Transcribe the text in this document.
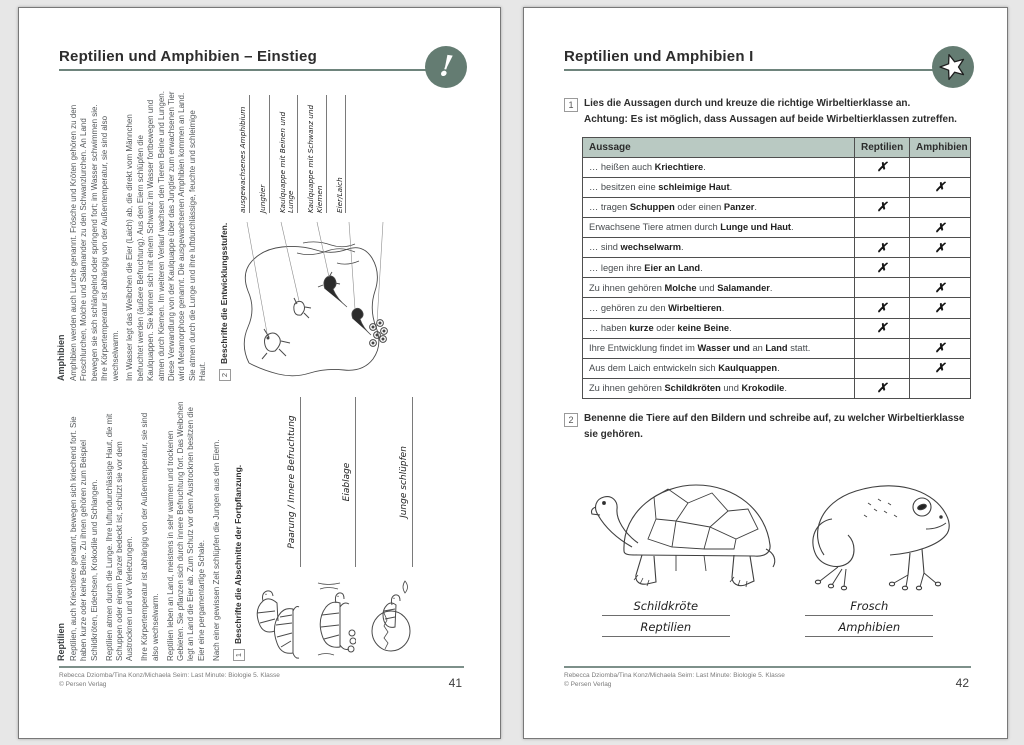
Reptilien und Amphibien – Einstieg	!
Reptilien Reptilien, auch Kriechtiere genannt, bewegen sich kriechend fort. Sie haben kurze oder keine Beine. Zu ihnen gehören zum Beispiel Schildkröten, Eidechsen, Krokodile und Schlangen. Reptilien atmen durch die Lunge. Ihre luftundurchlässige Haut, die mit Schuppen oder einem Panzer bedeckt ist, schützt sie vor dem Austrocknen und vor Verletzungen. Ihre Körpertemperatur ist abhängig von der Außentemperatur, sie sind also wechselwarm. Reptilien leben an Land, meistens in sehr warmen und trockenen Gebieten. Sie pflanzen sich durch innere Befruchtung fort. Das Weibchen legt an Land die Eier ab. Zum Schutz vor dem Austrocknen besitzen die Eier eine pergamentartige Schale. Nach einer gewissen Zeit schlüpfen die Jungen aus den Eiern. 1
Beschrifte die Abschnitte der Fortpflanzung.	Paarung / Innere Befruchtung	Eiablage	Junge schlüpfen
Amphibien Amphibien werden auch Lurche genannt. Frösche und Kröten gehören zu den Froschlurchen, Molche und Salamander zu den Schwanzlurchen. An Land bewegen sie sich schlängelnd oder springend fort; im Wasser schwimmen sie. Ihre Körpertemperatur ist abhängig von der Außentemperatur, sie sind also wechselwarm. Im Wasser legt das Weibchen die Eier (Laich) ab, die direkt vom Männchen befruchtet werden (äußere Befruchtung). Aus den Eiern schlüpfen die Kaulquappen. Sie können sich mit einem Schwanz im Wasser fortbewegen und atmen durch Kiemen. Im weiteren Verlauf wachsen den Tieren Beine und Lungen. Diese Verwandlung von der Kaulquappe über das Jungtier zum erwachsenen Tier wird Metamorphose genannt. Die ausgewachsenen Amphibien kommen an Land. Sie atmen durch die Lunge und ihre luftdurchlässige, feuchte und schleimige Haut. 2
Beschrifte die Entwicklungsstufen.
ausgewachsenes Amphibium	Jungtier	Kaulquappe mit Beinen und Lunge	Kaulquappe mit Schwanz und Kiemen	Eier/Laich
Rebecca Dziomba/Tina Konz/Michaela Seim: Last Minute: Biologie 5. Klasse
© Persen Verlag	41
Reptilien und Amphibien I
1	Lies die Aussagen durch und kreuze die richtige Wirbeltierklasse an.
Achtung: Es ist möglich, dass Aussagen auf beide Wirbeltierklassen zutreffen.
Aussage	Reptilien	Amphibien
… heißen auch Kriechtiere.	✗	
… besitzen eine schleimige Haut.		✗
… tragen Schuppen oder einen Panzer.	✗	
Erwachsene Tiere atmen durch Lunge und Haut.		✗
… sind wechselwarm.	✗	✗
… legen ihre Eier an Land.	✗	
Zu ihnen gehören Molche und Salamander.		✗
… gehören zu den Wirbeltieren.	✗	✗
… haben kurze oder keine Beine.	✗	
Ihre Entwicklung findet im Wasser und an Land statt.		✗
Aus dem Laich entwickeln sich Kaulquappen.		✗
Zu ihnen gehören Schildkröten und Krokodile.	✗	
2	Benenne die Tiere auf den Bildern und schreibe auf, zu welcher Wirbeltierklasse sie gehören.
Schildkröte
Reptilien
Frosch
Amphibien
Rebecca Dziomba/Tina Konz/Michaela Seim: Last Minute: Biologie 5. Klasse
© Persen Verlag	42
